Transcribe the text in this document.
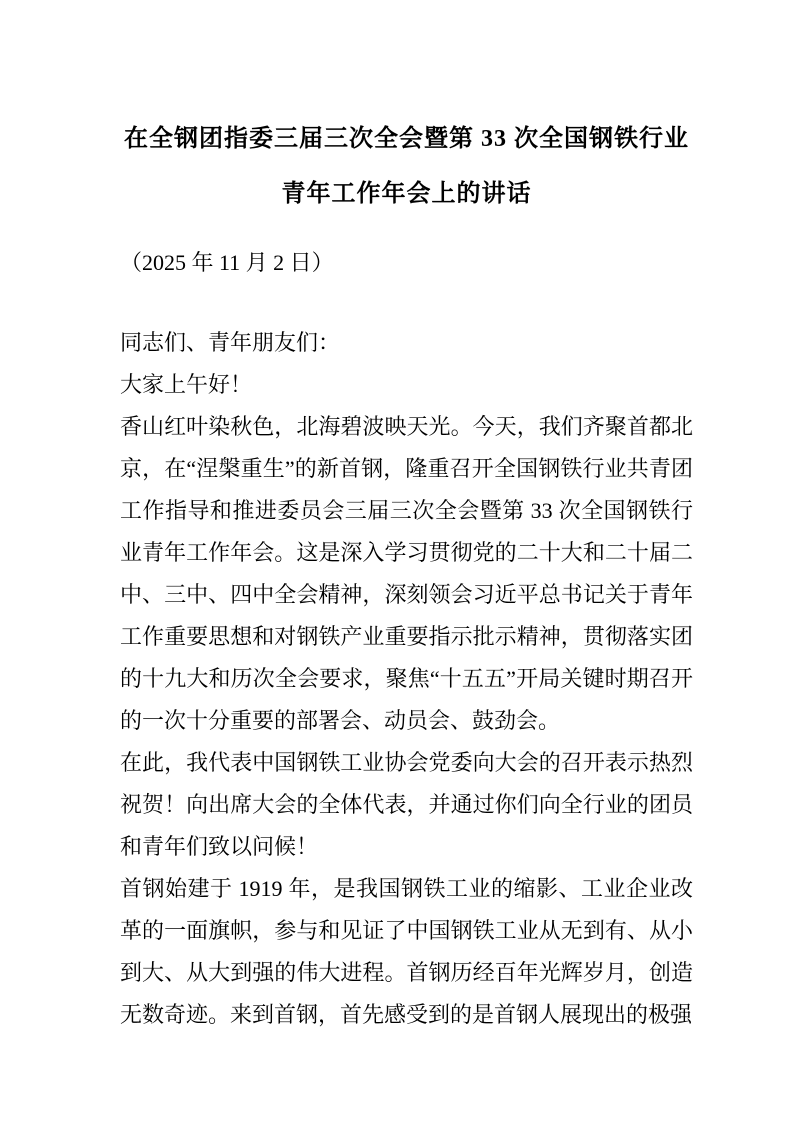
在全钢团指委三届三次全会暨第 33 次全国钢铁行业
青年工作年会上的讲话

（2025 年 11 月 2 日）

同志们、青年朋友们：

大家上午好！

香山红叶染秋色，北海碧波映天光。今天，我们齐聚首都北京，在“涅槃重生”的新首钢，隆重召开全国钢铁行业共青团工作指导和推进委员会三届三次全会暨第 33 次全国钢铁行业青年工作年会。这是深入学习贯彻党的二十大和二十届二中、三中、四中全会精神，深刻领会习近平总书记关于青年工作重要思想和对钢铁产业重要指示批示精神，贯彻落实团的十九大和历次全会要求，聚焦“十五五”开局关键时期召开的一次十分重要的部署会、动员会、鼓劲会。

在此，我代表中国钢铁工业协会党委向大会的召开表示热烈祝贺！向出席大会的全体代表，并通过你们向全行业的团员和青年们致以问候！

首钢始建于 1919 年，是我国钢铁工业的缩影、工业企业改革的一面旗帜，参与和见证了中国钢铁工业从无到有、从小到大、从大到强的伟大进程。首钢历经百年光辉岁月，创造无数奇迹。来到首钢，首先感受到的是首钢人展现出的极强
